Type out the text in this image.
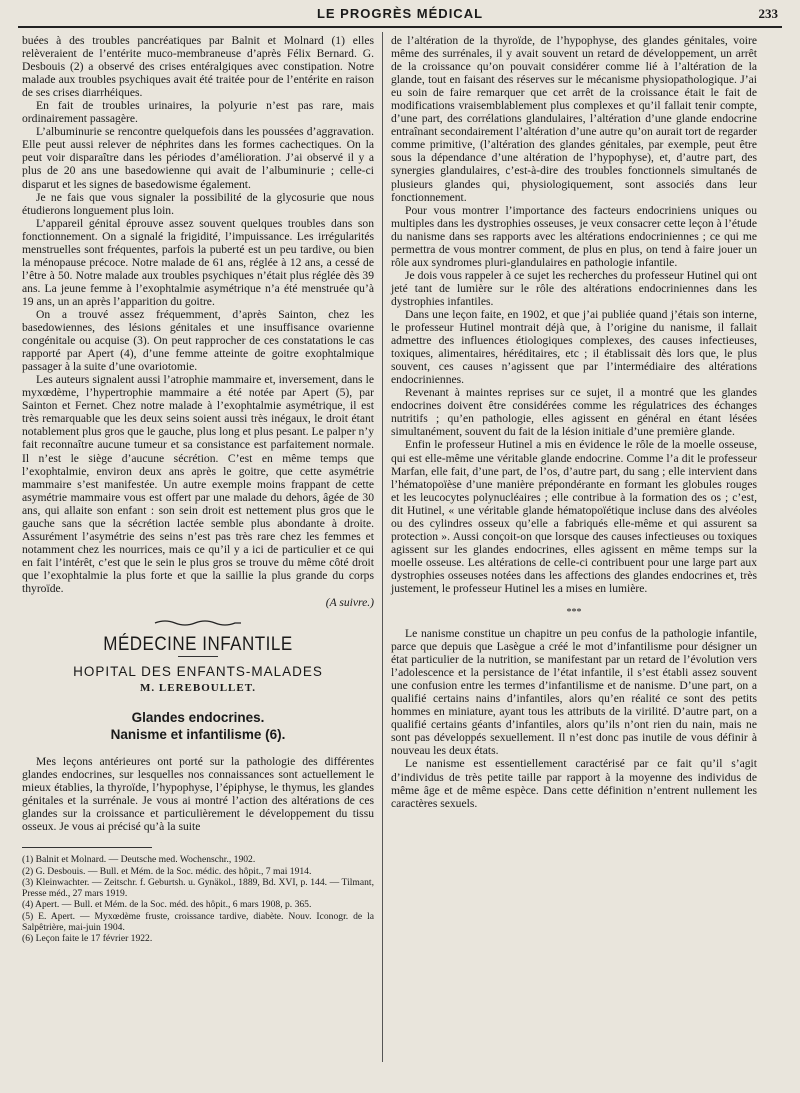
LE PROGRÈS MÉDICAL	233

buées à des troubles pancréatiques par Balnit et Molnard (1) elles relèveraient de l’entérite muco-membraneuse d’après Félix Bernard. G. Desbouis (2) a observé des crises entéralgiques avec constipation. Notre malade aux troubles psychiques avait été traitée pour de l’entérite en raison de ses crises diarrhéiques.

En fait de troubles urinaires, la polyurie n’est pas rare, mais ordinairement passagère.

L’albuminurie se rencontre quelquefois dans les poussées d’aggravation. Elle peut aussi relever de néphrites dans les formes cachectiques. On la peut voir disparaître dans les périodes d’amélioration. J’ai observé il y a plus de 20 ans une basedowienne qui avait de l’albuminurie ; celle-ci disparut et les signes de basedowisme également.

Je ne fais que vous signaler la possibilité de la glycosurie que nous étudierons longuement plus loin.

L’appareil génital éprouve assez souvent quelques troubles dans son fonctionnement. On a signalé la frigidité, l’impuissance. Les irrégularités menstruelles sont fréquentes, parfois la puberté est un peu tardive, ou bien la ménopause précoce. Notre malade de 61 ans, réglée à 12 ans, a cessé de l’être à 50. Notre malade aux troubles psychiques n’était plus réglée dès 39 ans. La jeune femme à l’exophtalmie asymétrique n’a été menstruée qu’à 19 ans, un an après l’apparition du goitre.

On a trouvé assez fréquemment, d’après Sainton, chez les basedowiennes, des lésions génitales et une insuffisance ovarienne congénitale ou acquise (3). On peut rapprocher de ces constatations le cas rapporté par Apert (4), d’une femme atteinte de goitre exophtalmique passager à la suite d’une ovariotomie.

Les auteurs signalent aussi l’atrophie mammaire et, inversement, dans le myxœdème, l’hypertrophie mammaire a été notée par Apert (5), par Sainton et Fernet. Chez notre malade à l’exophtalmie asymétrique, il est très remarquable que les deux seins soient aussi très inégaux, le droit étant notablement plus gros que le gauche, plus long et plus pesant. Le palper n’y fait reconnaître aucune tumeur et sa consistance est parfaitement normale. Il n’est le siège d’aucune sécrétion. C’est en même temps que l’exophtalmie, environ deux ans après le goitre, que cette asymétrie mammaire s’est manifestée. Un autre exemple moins frappant de cette asymétrie mammaire vous est offert par une malade du dehors, âgée de 30 ans, qui allaite son enfant : son sein droit est nettement plus gros que le gauche sans que la sécrétion lactée semble plus abondante à droite. Assurément l’asymétrie des seins n’est pas très rare chez les femmes et notamment chez les nourrices, mais ce qu’il y a ici de particulier et ce qui en fait l’intérêt, c’est que le sein le plus gros se trouve du même côté droit que l’exophtalmie la plus forte et que la saillie la plus grande du corps thyroïde.

(A suivre.)
MÉDECINE INFANTILE
HOPITAL DES ENFANTS-MALADES
M. LEREBOULLET.
Glandes endocrines.
Nanisme et infantilisme (6).

Mes leçons antérieures ont porté sur la pathologie des différentes glandes endocrines, sur lesquelles nos connaissances sont actuellement le mieux établies, la thyroïde, l’hypophyse, l’épiphyse, le thymus, les glandes génitales et la surrénale. Je vous ai montré l’action des altérations de ces glandes sur la croissance et particulièrement le développement du tissu osseux. Je vous ai précisé qu’à la suite

(1) Balnit et Molnard. — Deutsche med. Wochenschr., 1902.
(2) G. Desbouis. — Bull. et Mém. de la Soc. médic. des hôpit., 7 mai 1914.
(3) Kleinwachter. — Zeitschr. f. Geburtsh. u. Gynäkol., 1889, Bd. XVI, p. 144. — Tilmant, Presse méd., 27 mars 1919.
(4) Apert. — Bull. et Mém. de la Soc. méd. des hôpit., 6 mars 1908, p. 365.
(5) E. Apert. — Myxœdème fruste, croissance tardive, diabète. Nouv. Iconogr. de la Salpêtrière, mai-juin 1904.
(6) Leçon faite le 17 février 1922.

de l’altération de la thyroïde, de l’hypophyse, des glandes génitales, voire même des surrénales, il y avait souvent un retard de développement, un arrêt de la croissance qu’on pouvait considérer comme lié à l’altération de la glande, tout en faisant des réserves sur le mécanisme physiopathologique. J’ai eu soin de faire remarquer que cet arrêt de la croissance était le fait de modifications vraisemblablement plus complexes et qu’il fallait tenir compte, d’une part, des corrélations glandulaires, l’altération d’une glande endocrine entraînant secondairement l’altération d’une autre qu’on aurait tort de regarder comme primitive, (l’altération des glandes génitales, par exemple, peut être sous la dépendance d’une altération de l’hypophyse), et, d’autre part, des synergies glandulaires, c’est-à-dire des troubles fonctionnels simultanés de plusieurs glandes qui, physiologiquement, sont associés dans leur fonctionnement.

Pour vous montrer l’importance des facteurs endocriniens uniques ou multiples dans les dystrophies osseuses, je veux consacrer cette leçon à l’étude du nanisme dans ses rapports avec les altérations endocriniennes ; ce qui me permettra de vous montrer comment, de plus en plus, on tend à faire jouer un rôle aux syndromes pluri-glandulaires en pathologie infantile.

Je dois vous rappeler à ce sujet les recherches du professeur Hutinel qui ont jeté tant de lumière sur le rôle des altérations endocriniennes dans les dystrophies infantiles.

Dans une leçon faite, en 1902, et que j’ai publiée quand j’étais son interne, le professeur Hutinel montrait déjà que, à l’origine du nanisme, il fallait admettre des influences étiologiques complexes, des causes infectieuses, toxiques, alimentaires, héréditaires, etc ; il établissait dès lors que, le plus souvent, ces causes n’agissent que par l’intermédiaire des altérations endocriniennes.

Revenant à maintes reprises sur ce sujet, il a montré que les glandes endocrines doivent être considérées comme les régulatrices des échanges nutritifs ; qu’en pathologie, elles agissent en général en étant lésées simultanément, souvent du fait de la lésion initiale d’une première glande.

Enfin le professeur Hutinel a mis en évidence le rôle de la moelle osseuse, qui est elle-même une véritable glande endocrine. Comme l’a dit le professeur Marfan, elle fait, d’une part, de l’os, d’autre part, du sang ; elle intervient dans l’hématopoïèse d’une manière prépondérante en formant les globules rouges et les leucocytes polynucléaires ; elle contribue à la formation des os ; c’est, dit Hutinel, « une véritable glande hématopoïétique incluse dans des alvéoles ou des cylindres osseux qu’elle a fabriqués elle-même et qui assurent sa protection ». Aussi conçoit-on que lorsque des causes infectieuses ou toxiques agissent sur les glandes endocrines, elles agissent en même temps sur la moelle osseuse. Les altérations de celle-ci contribuent pour une large part aux dystrophies osseuses notées dans les affections des glandes endocrines et, très justement, le professeur Hutinel les a mises en lumière.

***

Le nanisme constitue un chapitre un peu confus de la pathologie infantile, parce que depuis que Lasègue a créé le mot d’infantilisme pour désigner un état particulier de la nutrition, se manifestant par un retard de l’évolution vers l’adolescence et la persistance de l’état infantile, il s’est établi assez souvent une confusion entre les termes d’infantilisme et de nanisme. D’une part, on a qualifié certains nains d’infantiles, alors qu’en réalité ce sont des petits hommes en miniature, ayant tous les attributs de la virilité. D’autre part, on a qualifié certains géants d’infantiles, alors qu’ils n’ont rien du nain, mais ne sont pas développés sexuellement. Il n’est donc pas inutile de vous définir à nouveau les deux états.

Le nanisme est essentiellement caractérisé par ce fait qu’il s’agit d’individus de très petite taille par rapport à la moyenne des individus de même âge et de même espèce. Dans cette définition n’entrent nullement les caractères sexuels.
